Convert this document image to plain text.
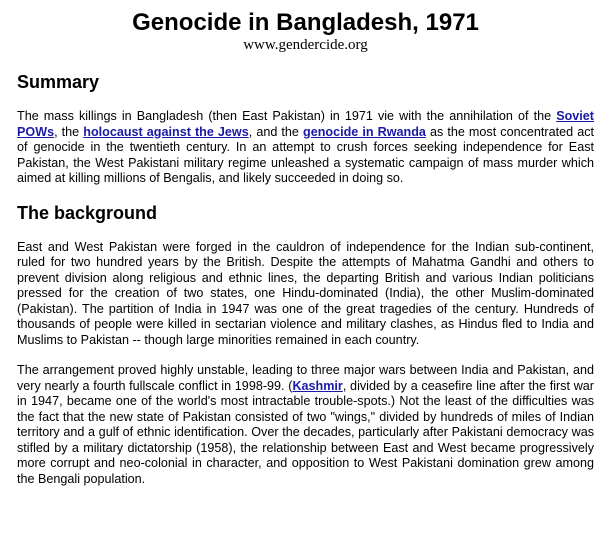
Genocide in Bangladesh, 1971
www.gendercide.org
Summary

The mass killings in Bangladesh (then East Pakistan) in 1971 vie with the annihilation of the Soviet POWs, the holocaust against the Jews, and the genocide in Rwanda as the most concentrated act of genocide in the twentieth century. In an attempt to crush forces seeking independence for East Pakistan, the West Pakistani military regime unleashed a systematic campaign of mass murder which aimed at killing millions of Bengalis, and likely succeeded in doing so.

The background

East and West Pakistan were forged in the cauldron of independence for the Indian sub-continent, ruled for two hundred years by the British. Despite the attempts of Mahatma Gandhi and others to prevent division along religious and ethnic lines, the departing British and various Indian politicians pressed for the creation of two states, one Hindu-dominated (India), the other Muslim-dominated (Pakistan). The partition of India in 1947 was one of the great tragedies of the century. Hundreds of thousands of people were killed in sectarian violence and military clashes, as Hindus fled to India and Muslims to Pakistan -- though large minorities remained in each country.

The arrangement proved highly unstable, leading to three major wars between India and Pakistan, and very nearly a fourth fullscale conflict in 1998-99. (Kashmir, divided by a ceasefire line after the first war in 1947, became one of the world's most intractable trouble-spots.) Not the least of the difficulties was the fact that the new state of Pakistan consisted of two "wings," divided by hundreds of miles of Indian territory and a gulf of ethnic identification. Over the decades, particularly after Pakistani democracy was stifled by a military dictatorship (1958), the relationship between East and West became progressively more corrupt and neo-colonial in character, and opposition to West Pakistani domination grew among the Bengali population.
